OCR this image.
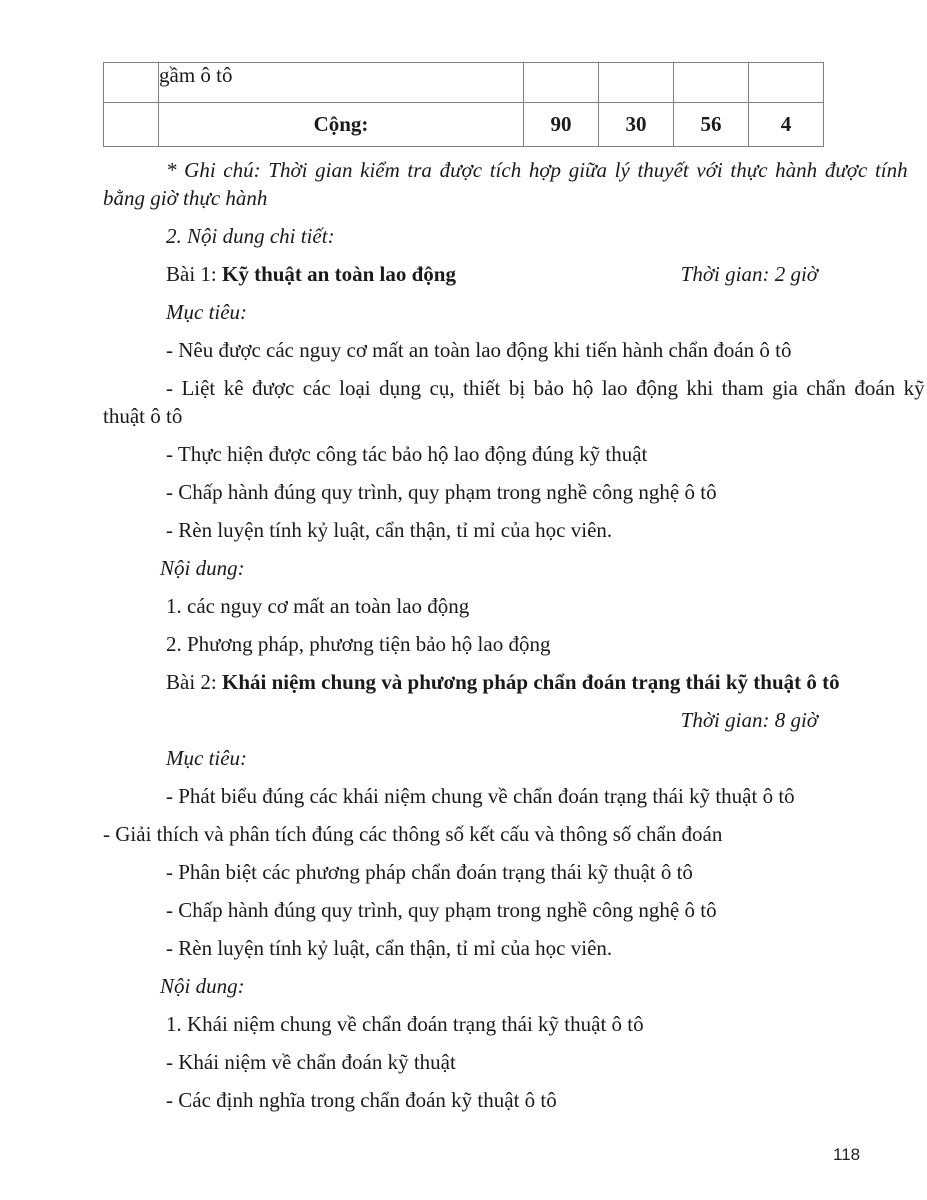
	gầm ô tô				
	Cộng:	90	30	56	4
* Ghi chú: Thời gian kiểm tra được tích hợp giữa lý thuyết với thực hành được tính
bằng giờ thực hành
2. Nội dung chi tiết:
Bài 1: Kỹ thuật an toàn lao động	Thời gian: 2 giờ
Mục tiêu:
- Nêu được các nguy cơ mất an toàn lao động khi tiến hành chẩn đoán ô tô
- Liệt kê được các loại dụng cụ, thiết bị bảo hộ lao động khi tham gia chẩn đoán kỹ
thuật ô tô
- Thực hiện được công tác bảo hộ lao động đúng kỹ thuật
- Chấp hành đúng quy trình, quy phạm trong nghề công nghệ ô tô
- Rèn luyện tính kỷ luật, cẩn thận, tỉ mỉ của học viên.
Nội dung:
1. các nguy cơ mất an toàn lao động
2. Phương pháp, phương tiện bảo hộ lao động
Bài 2: Khái niệm chung và phương pháp chẩn đoán trạng thái kỹ thuật ô tô
Thời gian: 8 giờ
Mục tiêu:
- Phát biểu đúng các khái niệm chung về chẩn đoán trạng thái kỹ thuật ô tô
- Giải thích và phân tích đúng các thông số kết cấu và thông số chẩn đoán
- Phân biệt các phương pháp chẩn đoán trạng thái kỹ thuật ô tô
- Chấp hành đúng quy trình, quy phạm trong nghề công nghệ ô tô
- Rèn luyện tính kỷ luật, cẩn thận, tỉ mỉ của học viên.
Nội dung:
1. Khái niệm chung về chẩn đoán trạng thái kỹ thuật ô tô
- Khái niệm về chẩn đoán kỹ thuật
- Các định nghĩa trong chẩn đoán kỹ thuật ô tô
118
